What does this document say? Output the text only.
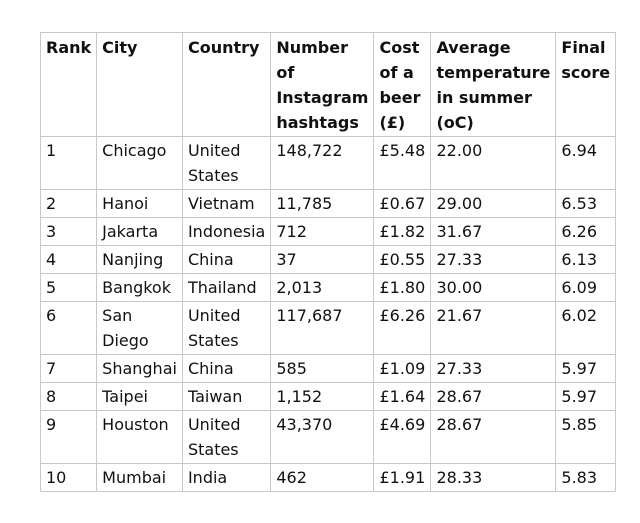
Rank	City	Country	Number of Instagram hashtags	Cost of a beer (£)	Average temperature in summer (oC)	Final score
1	Chicago	United States	148,722	£5.48	22.00	6.94
2	Hanoi	Vietnam	11,785	£0.67	29.00	6.53
3	Jakarta	Indonesia	712	£1.82	31.67	6.26
4	Nanjing	China	37	£0.55	27.33	6.13
5	Bangkok	Thailand	2,013	£1.80	30.00	6.09
6	San Diego	United States	117,687	£6.26	21.67	6.02
7	Shanghai	China	585	£1.09	27.33	5.97
8	Taipei	Taiwan	1,152	£1.64	28.67	5.97
9	Houston	United States	43,370	£4.69	28.67	5.85
10	Mumbai	India	462	£1.91	28.33	5.83
